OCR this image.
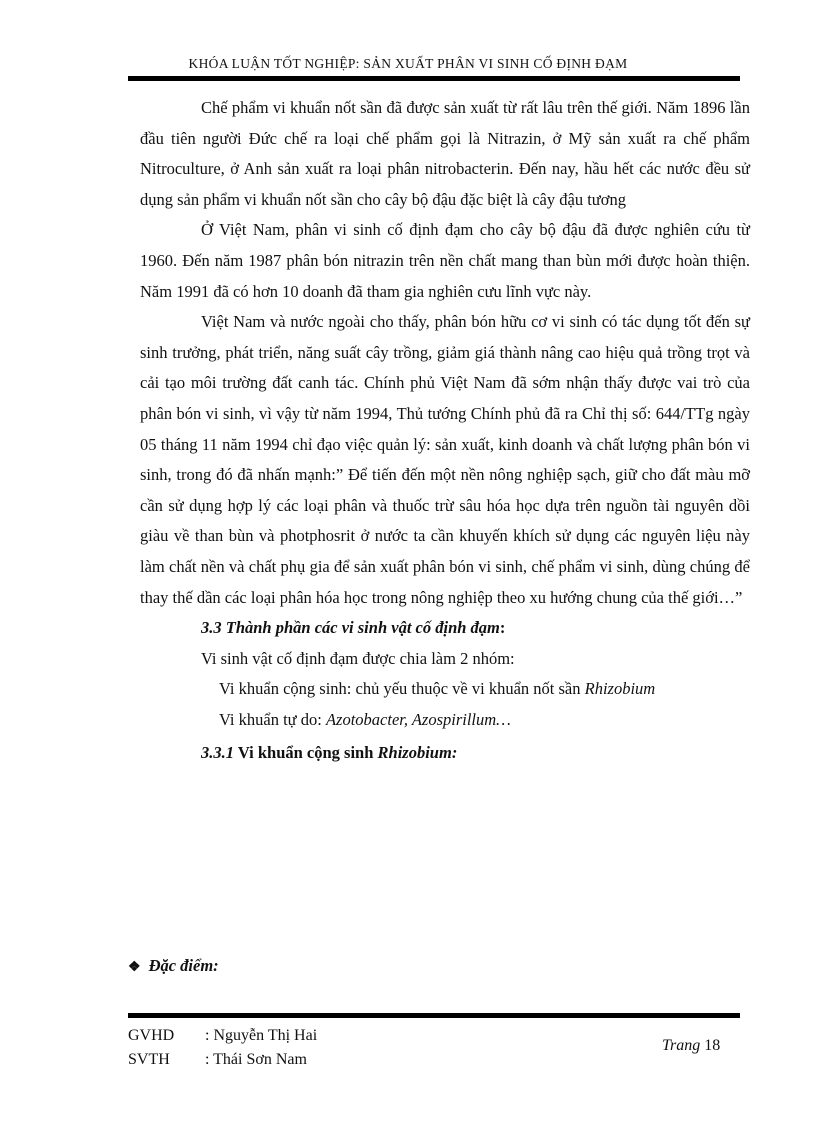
KHÓA LUẬN TỐT NGHIỆP: SẢN XUẤT PHÂN VI SINH CỐ ĐỊNH ĐẠM

Chế phẩm vi khuẩn nốt sần đã được sản xuất từ rất lâu trên thế giới. Năm 1896 lần đầu tiên người Đức chế ra loại chế phẩm gọi là Nitrazin, ở Mỹ sản xuất ra chế phẩm Nitroculture, ở Anh sản xuất ra loại phân nitrobacterin. Đến nay, hầu hết các nước đều sử dụng sản phẩm vi khuẩn nốt sần cho cây bộ đậu đặc biệt là cây đậu tương

Ở Việt Nam, phân vi sinh cố định đạm cho cây bộ đậu đã được nghiên cứu từ 1960. Đến năm 1987 phân bón nitrazin trên nền chất mang than bùn mới được hoàn thiện. Năm 1991 đã có hơn 10 doanh đã tham gia nghiên cưu lĩnh vực này.

Việt Nam và nước ngoài cho thấy, phân bón hữu cơ vi sinh có tác dụng tốt đến sự sinh trưởng, phát triển, năng suất cây trồng, giảm giá thành nâng cao hiệu quả trồng trọt và cải tạo môi trường đất canh tác. Chính phủ Việt Nam đã sớm nhận thấy được vai trò của phân bón vi sinh, vì vậy từ năm 1994, Thủ tướng Chính phủ đã ra Chỉ thị số: 644/TTg ngày 05 tháng 11 năm 1994 chỉ đạo việc quản lý: sản xuất, kinh doanh và chất lượng phân bón vi sinh, trong đó đã nhấn mạnh:” Để tiến đến một nền nông nghiệp sạch, giữ cho đất màu mỡ cần sử dụng hợp lý các loại phân và thuốc trừ sâu hóa học dựa trên nguồn tài nguyên dồi giàu về than bùn và photphosrit ở nước ta cần khuyến khích sử dụng các nguyên liệu này làm chất nền và chất phụ gia để sản xuất phân bón vi sinh, chế phẩm vi sinh, dùng chúng để thay thế dần các loại phân hóa học trong nông nghiệp theo xu hướng chung của thế giới…”

3.3 Thành phần các vi sinh vật cố định đạm:
Vi sinh vật cố định đạm được chia làm 2 nhóm:
Vi khuẩn cộng sinh: chủ yếu thuộc về vi khuẩn nốt sần Rhizobium
Vi khuẩn tự do: Azotobacter, Azospirillum…
3.3.1 Vi khuẩn cộng sinh Rhizobium:
❖ Đặc điểm:
GVHD : Nguyễn Thị Hai
SVTH : Thái Sơn Nam
Trang 18
